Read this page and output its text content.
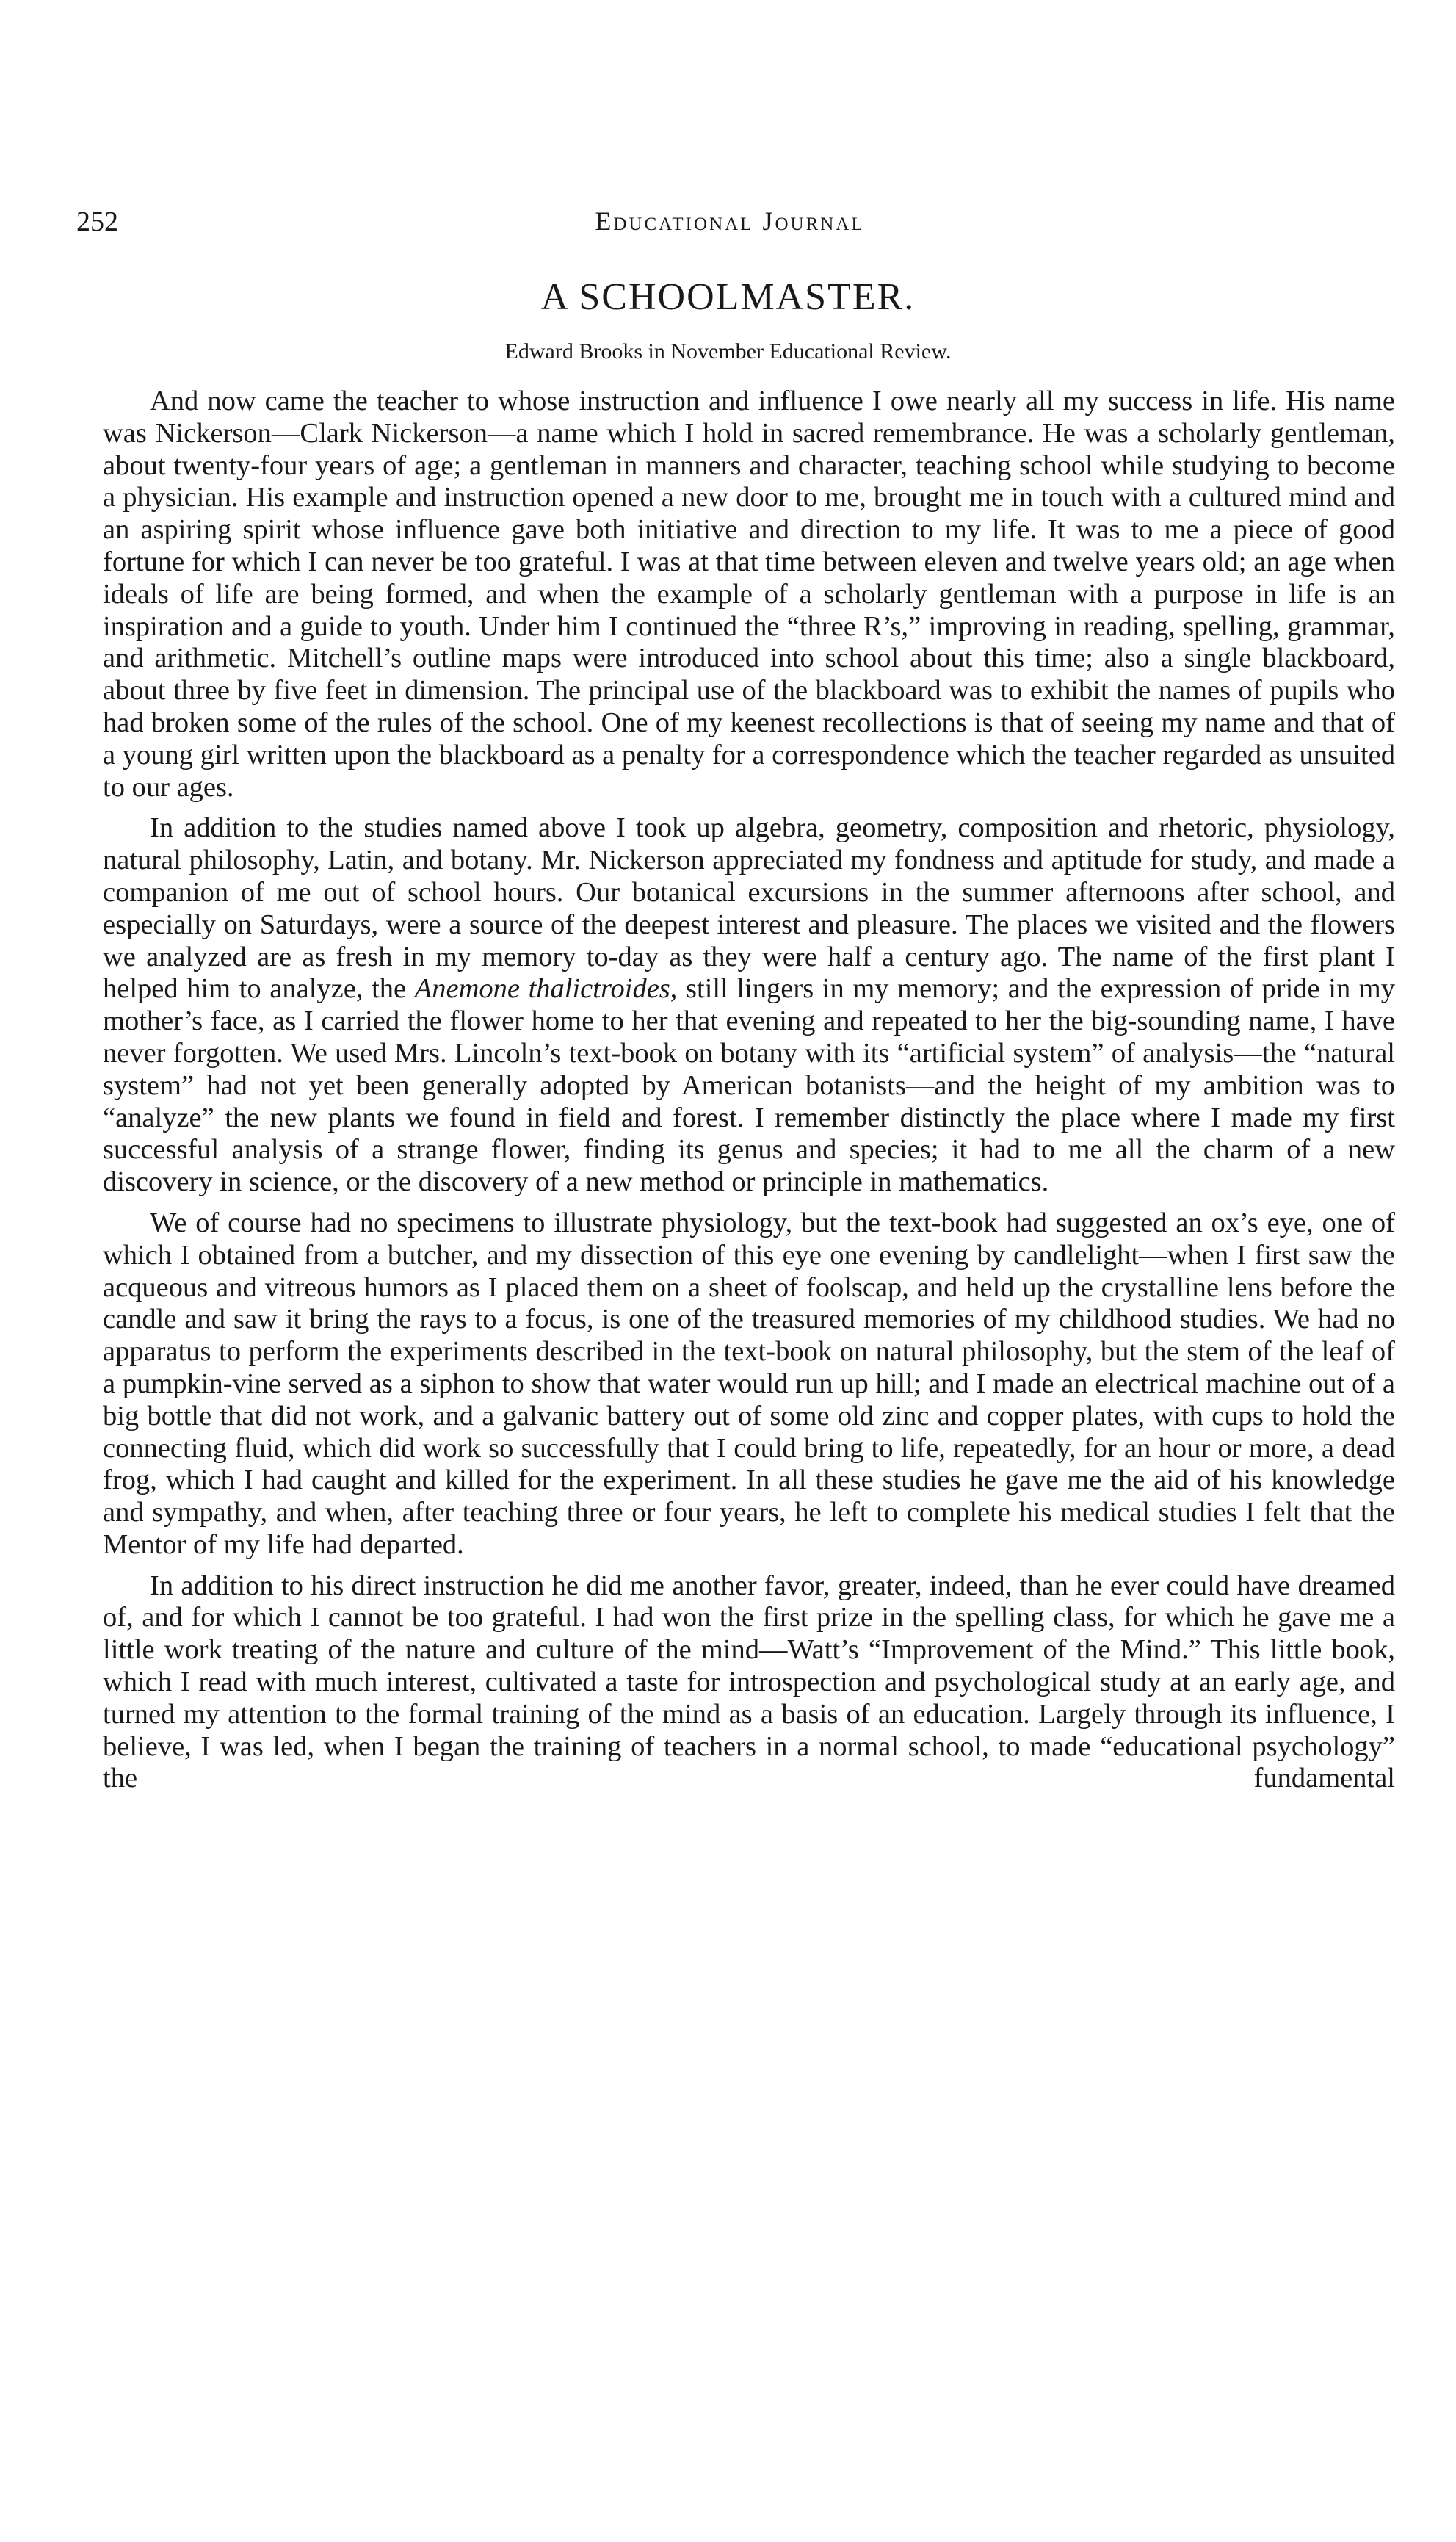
252	Educational Journal
A SCHOOLMASTER.
Edward Brooks in November Educational Review.

And now came the teacher to whose instruction and influence I owe nearly all my success in life. His name was Nickerson—Clark Nickerson—a name which I hold in sacred remembrance. He was a scholarly gentleman, about twenty-four years of age; a gentleman in manners and character, teaching school while studying to become a physician. His example and instruction opened a new door to me, brought me in touch with a cultured mind and an aspiring spirit whose influence gave both initiative and direction to my life. It was to me a piece of good fortune for which I can never be too grateful. I was at that time between eleven and twelve years old; an age when ideals of life are being formed, and when the example of a scholarly gentleman with a purpose in life is an inspiration and a guide to youth. Under him I continued the “three R’s,” improving in reading, spelling, grammar, and arithmetic. Mitchell’s outline maps were introduced into school about this time; also a single blackboard, about three by five feet in dimension. The principal use of the blackboard was to exhibit the names of pupils who had broken some of the rules of the school. One of my keenest recollections is that of seeing my name and that of a young girl written upon the blackboard as a penalty for a correspondence which the teacher regarded as unsuited to our ages.

In addition to the studies named above I took up algebra, geometry, composition and rhetoric, physiology, natural philosophy, Latin, and botany. Mr. Nickerson appreciated my fondness and aptitude for study, and made a companion of me out of school hours. Our botanical excursions in the summer afternoons after school, and especially on Saturdays, were a source of the deepest interest and pleasure. The places we visited and the flowers we analyzed are as fresh in my memory to-day as they were half a century ago. The name of the first plant I helped him to analyze, the Anemone thalictroides, still lingers in my memory; and the expression of pride in my mother’s face, as I carried the flower home to her that evening and repeated to her the big-sounding name, I have never forgotten. We used Mrs. Lincoln’s text-book on botany with its “artificial system” of analysis—the “natural system” had not yet been generally adopted by American botanists—and the height of my ambition was to “analyze” the new plants we found in field and forest. I remember distinctly the place where I made my first successful analysis of a strange flower, finding its genus and species; it had to me all the charm of a new discovery in science, or the discovery of a new method or principle in mathematics.

We of course had no specimens to illustrate physiology, but the text-book had suggested an ox’s eye, one of which I obtained from a butcher, and my dissection of this eye one evening by candlelight—when I first saw the acqueous and vitreous humors as I placed them on a sheet of foolscap, and held up the crystalline lens before the candle and saw it bring the rays to a focus, is one of the treasured memories of my childhood studies. We had no apparatus to perform the experiments described in the text-book on natural philosophy, but the stem of the leaf of a pumpkin-vine served as a siphon to show that water would run up hill; and I made an electrical machine out of a big bottle that did not work, and a galvanic battery out of some old zinc and copper plates, with cups to hold the connecting fluid, which did work so successfully that I could bring to life, repeatedly, for an hour or more, a dead frog, which I had caught and killed for the experiment. In all these studies he gave me the aid of his knowledge and sympathy, and when, after teaching three or four years, he left to complete his medical studies I felt that the Mentor of my life had departed.

In addition to his direct instruction he did me another favor, greater, indeed, than he ever could have dreamed of, and for which I cannot be too grateful. I had won the first prize in the spelling class, for which he gave me a little work treating of the nature and culture of the mind—Watt’s “Improvement of the Mind.” This little book, which I read with much interest, cultivated a taste for introspection and psychological study at an early age, and turned my attention to the formal training of the mind as a basis of an education. Largely through its influence, I believe, I was led, when I began the training of teachers in a normal school, to made “educational psychology” the fundamental
